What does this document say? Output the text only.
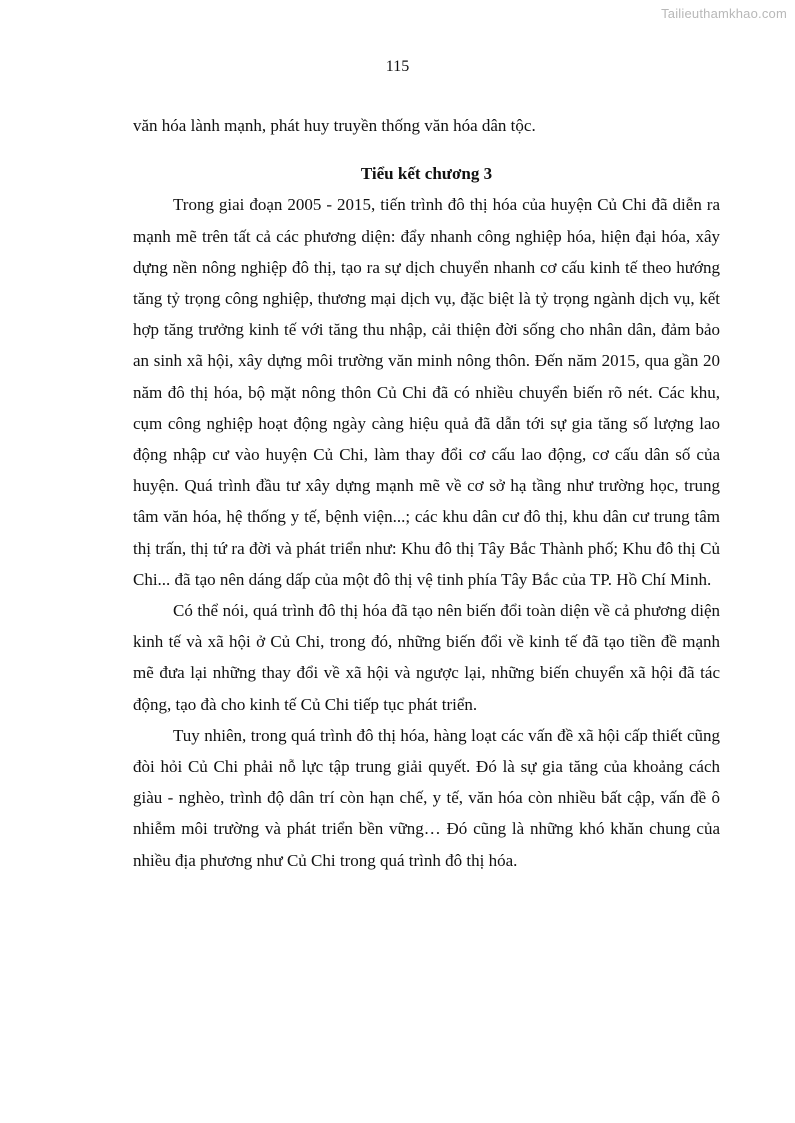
Tailieuthamkhao.com
115

văn hóa lành mạnh, phát huy truyền thống văn hóa dân tộc.

Tiểu kết chương 3

Trong giai đoạn 2005 - 2015, tiến trình đô thị hóa của huyện Củ Chi đã diễn ra mạnh mẽ trên tất cả các phương diện: đẩy nhanh công nghiệp hóa, hiện đại hóa, xây dựng nền nông nghiệp đô thị, tạo ra sự dịch chuyển nhanh cơ cấu kinh tế theo hướng tăng tỷ trọng công nghiệp, thương mại dịch vụ, đặc biệt là tỷ trọng ngành dịch vụ, kết hợp tăng trưởng kinh tế với tăng thu nhập, cải thiện đời sống cho nhân dân, đảm bảo an sinh xã hội, xây dựng môi trường văn minh nông thôn. Đến năm 2015, qua gần 20 năm đô thị hóa, bộ mặt nông thôn Củ Chi đã có nhiều chuyển biến rõ nét. Các khu, cụm công nghiệp hoạt động ngày càng hiệu quả đã dẫn tới sự gia tăng số lượng lao động nhập cư vào huyện Củ Chi, làm thay đổi cơ cấu lao động, cơ cấu dân số của huyện. Quá trình đầu tư xây dựng mạnh mẽ về cơ sở hạ tầng như trường học, trung tâm văn hóa, hệ thống y tế, bệnh viện...; các khu dân cư đô thị, khu dân cư trung tâm thị trấn, thị tứ ra đời và phát triển như: Khu đô thị Tây Bắc Thành phố; Khu đô thị Củ Chi... đã tạo nên dáng dấp của một đô thị vệ tinh phía Tây Bắc của TP. Hồ Chí Minh.

Có thể nói, quá trình đô thị hóa đã tạo nên biến đổi toàn diện về cả phương diện kinh tế và xã hội ở Củ Chi, trong đó, những biến đổi về kinh tế đã tạo tiền đề mạnh mẽ đưa lại những thay đổi về xã hội và ngược lại, những biến chuyển xã hội đã tác động, tạo đà cho kinh tế Củ Chi tiếp tục phát triển.

Tuy nhiên, trong quá trình đô thị hóa, hàng loạt các vấn đề xã hội cấp thiết cũng đòi hỏi Củ Chi phải nỗ lực tập trung giải quyết. Đó là sự gia tăng của khoảng cách giàu - nghèo, trình độ dân trí còn hạn chế, y tế, văn hóa còn nhiều bất cập, vấn đề ô nhiễm môi trường và phát triển bền vững… Đó cũng là những khó khăn chung của nhiều địa phương như Củ Chi trong quá trình đô thị hóa.
